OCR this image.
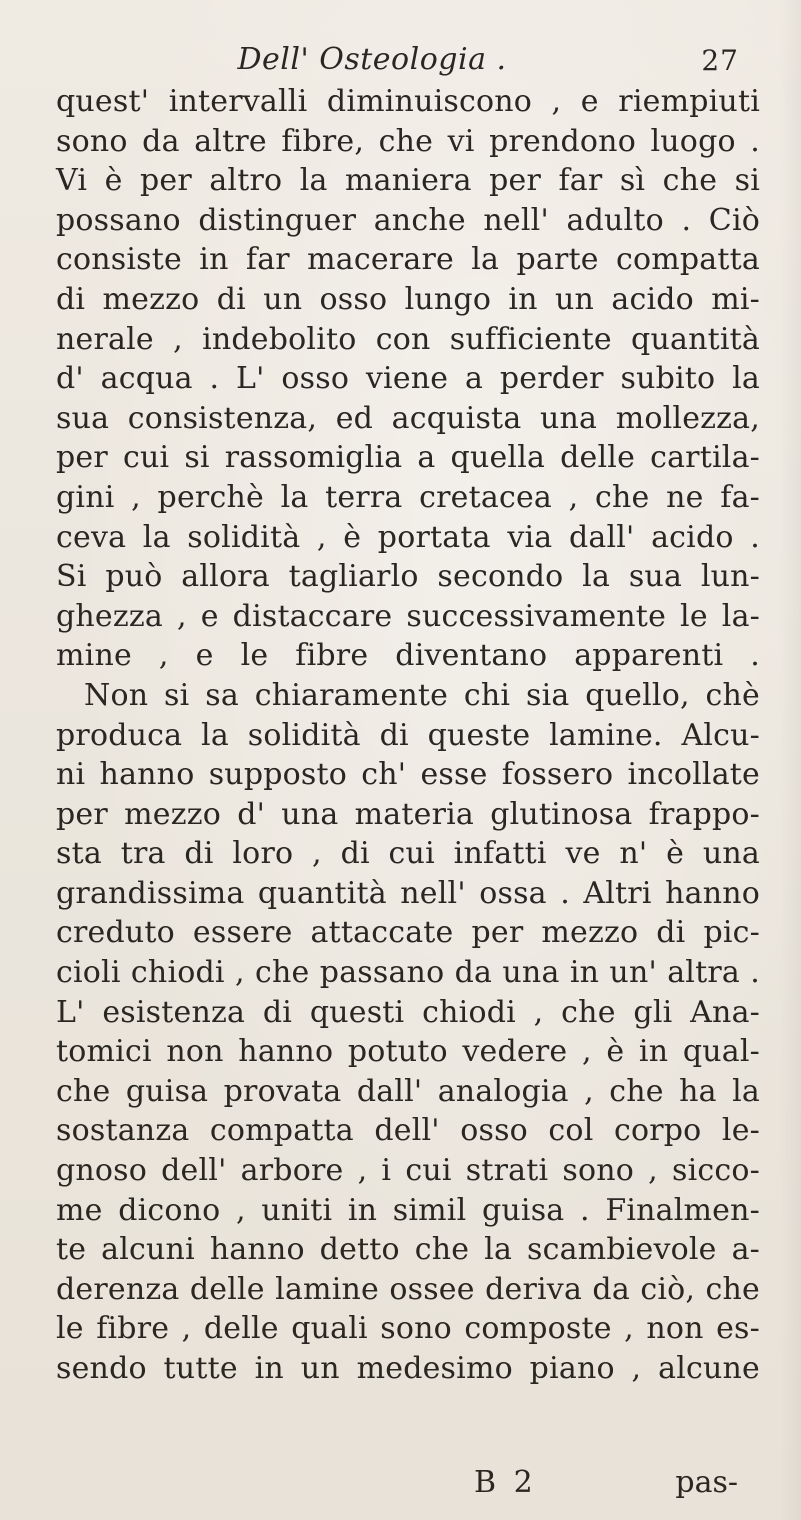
Dell' Osteologia .	27
quest' intervalli diminuiscono , e riempiuti
sono da altre fibre, che vi prendono luogo .
Vi è per altro la maniera per far sì che si
possano distinguer anche nell' adulto . Ciò
consiste in far macerare la parte compatta
di mezzo di un osso lungo in un acido mi-
nerale , indebolito con sufficiente quantità
d' acqua . L' osso viene a perder subito la
sua consistenza, ed acquista una mollezza,
per cui si rassomiglia a quella delle cartila-
gini , perchè la terra cretacea , che ne fa-
ceva la solidità , è portata via dall' acido .
Si può allora tagliarlo secondo la sua lun-
ghezza , e distaccare successivamente le la-
mine , e le fibre diventano apparenti .
Non si sa chiaramente chi sia quello, chè
produca la solidità di queste lamine. Alcu-
ni hanno supposto ch' esse fossero incollate
per mezzo d' una materia glutinosa frappo-
sta tra di loro , di cui infatti ve n' è una
grandissima quantità nell' ossa . Altri hanno
creduto essere attaccate per mezzo di pic-
cioli chiodi , che passano da una in un' altra .
L' esistenza di questi chiodi , che gli Ana-
tomici non hanno potuto vedere , è in qual-
che guisa provata dall' analogia , che ha la
sostanza compatta dell' osso col corpo le-
gnoso dell' arbore , i cui strati sono , sicco-
me dicono , uniti in simil guisa . Finalmen-
te alcuni hanno detto che la scambievole a-
derenza delle lamine ossee deriva da ciò, che
le fibre , delle quali sono composte , non es-
sendo tutte in un medesimo piano , alcune
B 2	pas-
